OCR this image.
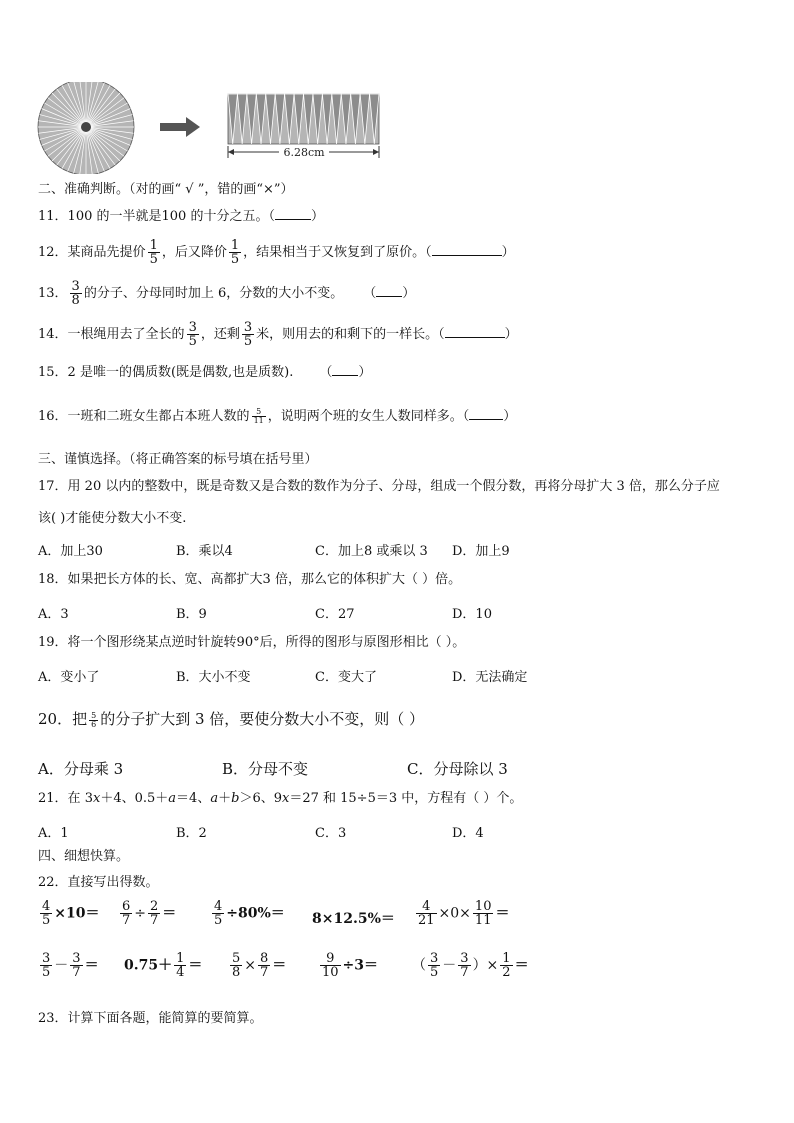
6.28cm
二、准确判断。（对的画“ √ ”，错的画“×”）
11．100 的一半就是100 的十分之五。（	）
12．某商品先提价 $\frac{1}{5}$ ，后又降价 $\frac{1}{5}$ ，结果相当于又恢复到了原价。（	）
13． $\frac{3}{8}$ 的分子、分母同时加上 6，分数的大小不变。 （ ）
14．一根绳用去了全长的 $\frac{3}{5}$ ，还剩 $\frac{3}{5}$ 米，则用去的和剩下的一样长。（	）
15．2 是唯一的偶质数(既是偶数,也是质数). （ ）
16．一班和二班女生都占本班人数的 $\frac{5}{11}$ ，说明两个班的女生人数同样多。（	）
三、谨慎选择。（将正确答案的标号填在括号里）
17．用 20 以内的整数中，既是奇数又是合数的数作为分子、分母，组成一个假分数，再将分母扩大 3 倍，那么分子应
该( )才能使分数大小不变.
A．加上30	B．乘以4	C．加上8 或乘以 3 D．加上9
18．如果把长方体的长、宽、高都扩大3 倍，那么它的体积扩大（ ）倍。
A．3	B．9	C．27	D．10
19．将一个图形绕某点逆时针旋转90°后，所得的图形与原图形相比（ ）。
A．变小了	B．大小不变	C．变大了	D．无法确定
20．把 $\frac{5}{6}$ 的分子扩大到 3 倍，要使分数大小不变，则（ ）
A．分母乘 3	B．分母不变	C．分母除以 3
21．在 3x＋4、0.5＋a＝4、a＋b＞6、9x＝27 和 15÷5＝3 中，方程有（ ）个。
A．1	B．2	C．3	D．4
四、细想快算。
22．直接写出得数。
$\frac{4}{5} \times 10= \frac{6}{7} \div \frac{2}{7}$ ＝	$\frac{4}{5} \div 80\%= 8\times 12.5\%= \frac{4}{21} \times 0\times \frac{10}{11}$ ＝
$\frac{3}{5} - \frac{3}{7} = 0.75+ \frac{1}{4} = \frac{5}{8} \times \frac{8}{7}$ ＝	$\frac{9}{10} \div 3=$ （ $\frac{3}{5} - \frac{3}{7}$ ）× $\frac{1}{2}$ ＝
23．计算下面各题，能简算的要简算。
